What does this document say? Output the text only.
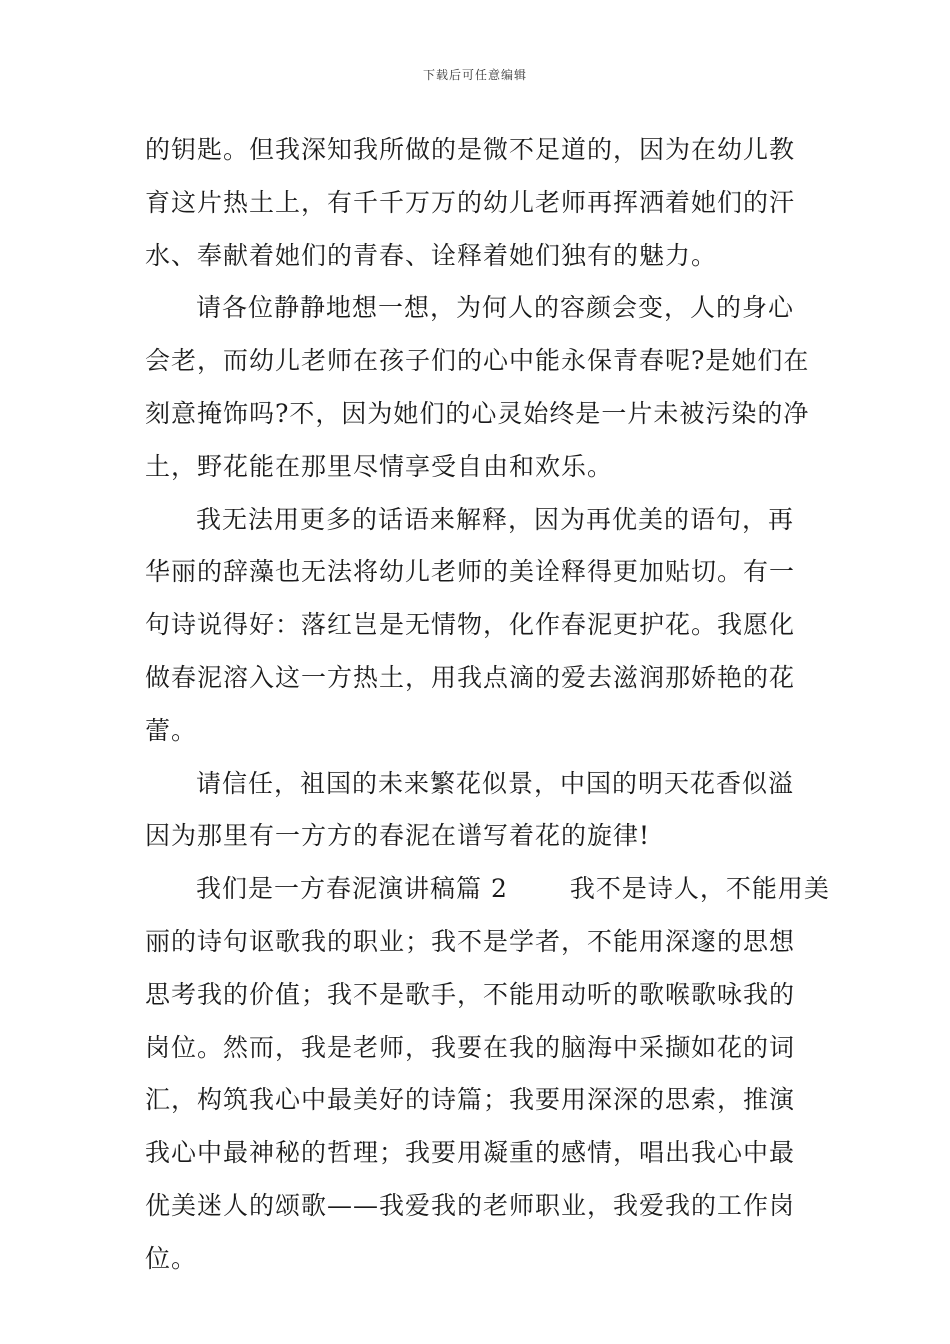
下载后可任意编辑
的钥匙。但我深知我所做的是微不足道的，因为在幼儿教
育这片热土上，有千千万万的幼儿老师再挥洒着她们的汗
水、奉献着她们的青春、诠释着她们独有的魅力。
请各位静静地想一想，为何人的容颜会变，人的身心
会老，而幼儿老师在孩子们的心中能永保青春呢?是她们在
刻意掩饰吗?不，因为她们的心灵始终是一片未被污染的净
土，野花能在那里尽情享受自由和欢乐。
我无法用更多的话语来解释，因为再优美的语句，再
华丽的辞藻也无法将幼儿老师的美诠释得更加贴切。有一
句诗说得好：落红岂是无情物，化作春泥更护花。我愿化
做春泥溶入这一方热土，用我点滴的爱去滋润那娇艳的花
蕾。
请信任，祖国的未来繁花似景，中国的明天花香似溢
因为那里有一方方的春泥在谱写着花的旋律!
我们是一方春泥演讲稿篇 2 我不是诗人，不能用美
丽的诗句讴歌我的职业；我不是学者，不能用深邃的思想
思考我的价值；我不是歌手，不能用动听的歌喉歌咏我的
岗位。然而，我是老师，我要在我的脑海中采撷如花的词
汇，构筑我心中最美好的诗篇；我要用深深的思索，推演
我心中最神秘的哲理；我要用凝重的感情，唱出我心中最
优美迷人的颂歌——我爱我的老师职业，我爱我的工作岗
位。
